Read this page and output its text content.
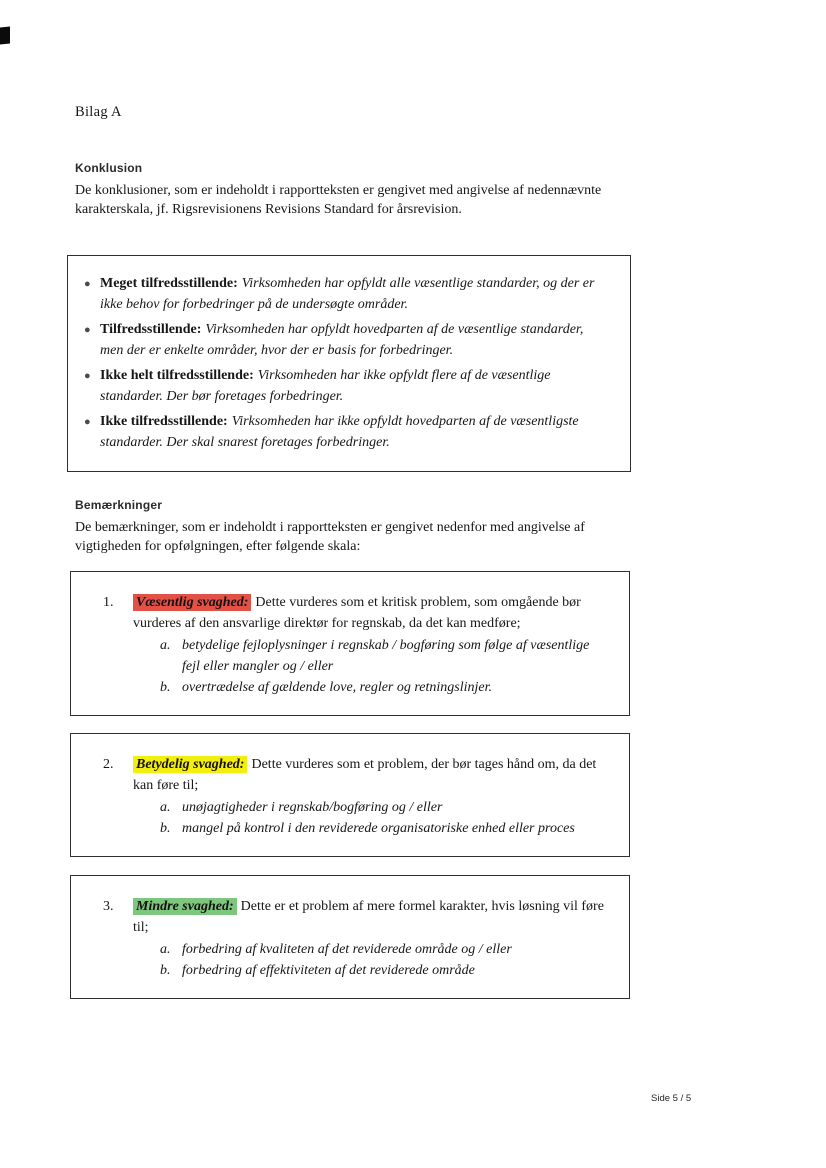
Bilag A
Konklusion

De konklusioner, som er indeholdt i rapportteksten er gengivet med angivelse af nedennævnte karakterskala, jf. Rigsrevisionens Revisions Standard for årsrevision.

● Meget tilfredsstillende: Virksomheden har opfyldt alle væsentlige standarder, og der er ikke behov for forbedringer på de undersøgte områder.
● Tilfredsstillende: Virksomheden har opfyldt hovedparten af de væsentlige standarder, men der er enkelte områder, hvor der er basis for forbedringer.
● Ikke helt tilfredsstillende: Virksomheden har ikke opfyldt flere af de væsentlige standarder. Der bør foretages forbedringer.
● Ikke tilfredsstillende: Virksomheden har ikke opfyldt hovedparten af de væsentligste standarder. Der skal snarest foretages forbedringer.
Bemærkninger

De bemærkninger, som er indeholdt i rapportteksten er gengivet nedenfor med angivelse af vigtigheden for opfølgningen, efter følgende skala:

1.	Væsentlig svaghed: Dette vurderes som et kritisk problem, som omgående bør vurderes af den ansvarlige direktør for regnskab, da det kan medføre;
a. betydelige fejloplysninger i regnskab / bogføring som følge af væsentlige fejl eller mangler og / eller
b. overtrædelse af gældende love, regler og retningslinjer.
2.	Betydelig svaghed: Dette vurderes som et problem, der bør tages hånd om, da det kan føre til;
a. unøjagtigheder i regnskab/bogføring og / eller
b. mangel på kontrol i den reviderede organisatoriske enhed eller proces
3.	Mindre svaghed: Dette er et problem af mere formel karakter, hvis løsning vil føre til;
a. forbedring af kvaliteten af det reviderede område og / eller
b. forbedring af effektiviteten af det reviderede område
Side 5 / 5
